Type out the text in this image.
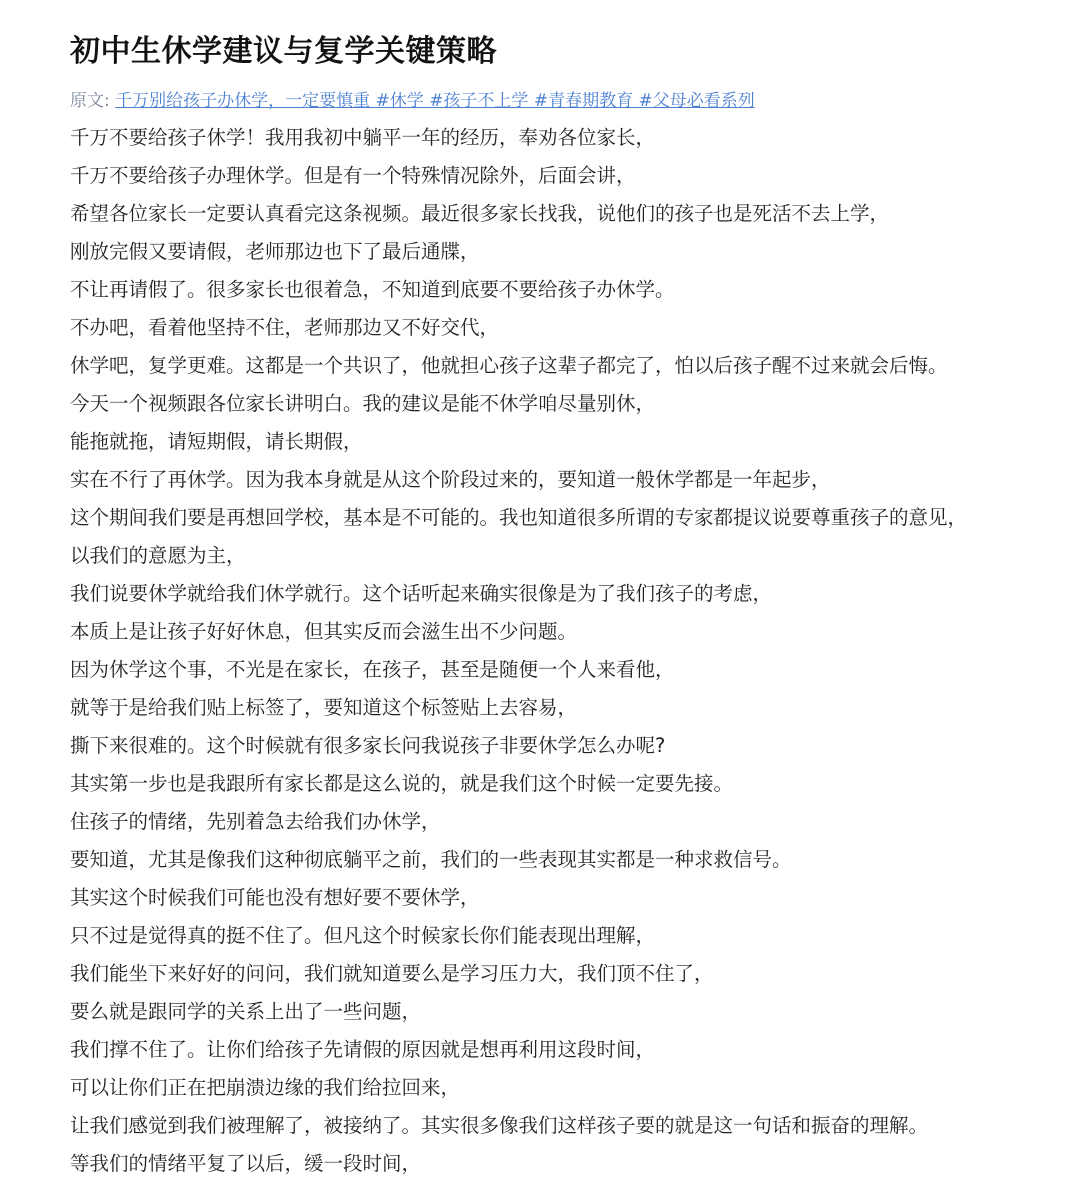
初中生休学建议与复学关键策略
原文: 千万别给孩子办休学，一定要慎重 #休学 #孩子不上学 #青春期教育 #父母必看系列
千万不要给孩子休学！我用我初中躺平一年的经历，奉劝各位家长，
千万不要给孩子办理休学。但是有一个特殊情况除外，后面会讲，
希望各位家长一定要认真看完这条视频。最近很多家长找我，说他们的孩子也是死活不去上学，
刚放完假又要请假，老师那边也下了最后通牒，
不让再请假了。很多家长也很着急，不知道到底要不要给孩子办休学。
不办吧，看着他坚持不住，老师那边又不好交代，
休学吧，复学更难。这都是一个共识了，他就担心孩子这辈子都完了，怕以后孩子醒不过来就会后悔。
今天一个视频跟各位家长讲明白。我的建议是能不休学咱尽量别休，
能拖就拖，请短期假，请长期假，
实在不行了再休学。因为我本身就是从这个阶段过来的，要知道一般休学都是一年起步，
这个期间我们要是再想回学校，基本是不可能的。我也知道很多所谓的专家都提议说要尊重孩子的意见，
以我们的意愿为主，
我们说要休学就给我们休学就行。这个话听起来确实很像是为了我们孩子的考虑，
本质上是让孩子好好休息，但其实反而会滋生出不少问题。
因为休学这个事，不光是在家长，在孩子，甚至是随便一个人来看他，
就等于是给我们贴上标签了，要知道这个标签贴上去容易，
撕下来很难的。这个时候就有很多家长问我说孩子非要休学怎么办呢?
其实第一步也是我跟所有家长都是这么说的，就是我们这个时候一定要先接。
住孩子的情绪，先别着急去给我们办休学，
要知道，尤其是像我们这种彻底躺平之前，我们的一些表现其实都是一种求救信号。
其实这个时候我们可能也没有想好要不要休学，
只不过是觉得真的挺不住了。但凡这个时候家长你们能表现出理解，
我们能坐下来好好的问问，我们就知道要么是学习压力大，我们顶不住了，
要么就是跟同学的关系上出了一些问题，
我们撑不住了。让你们给孩子先请假的原因就是想再利用这段时间，
可以让你们正在把崩溃边缘的我们给拉回来，
让我们感觉到我们被理解了，被接纳了。其实很多像我们这样孩子要的就是这一句话和振奋的理解。
等我们的情绪平复了以后，缓一段时间，
